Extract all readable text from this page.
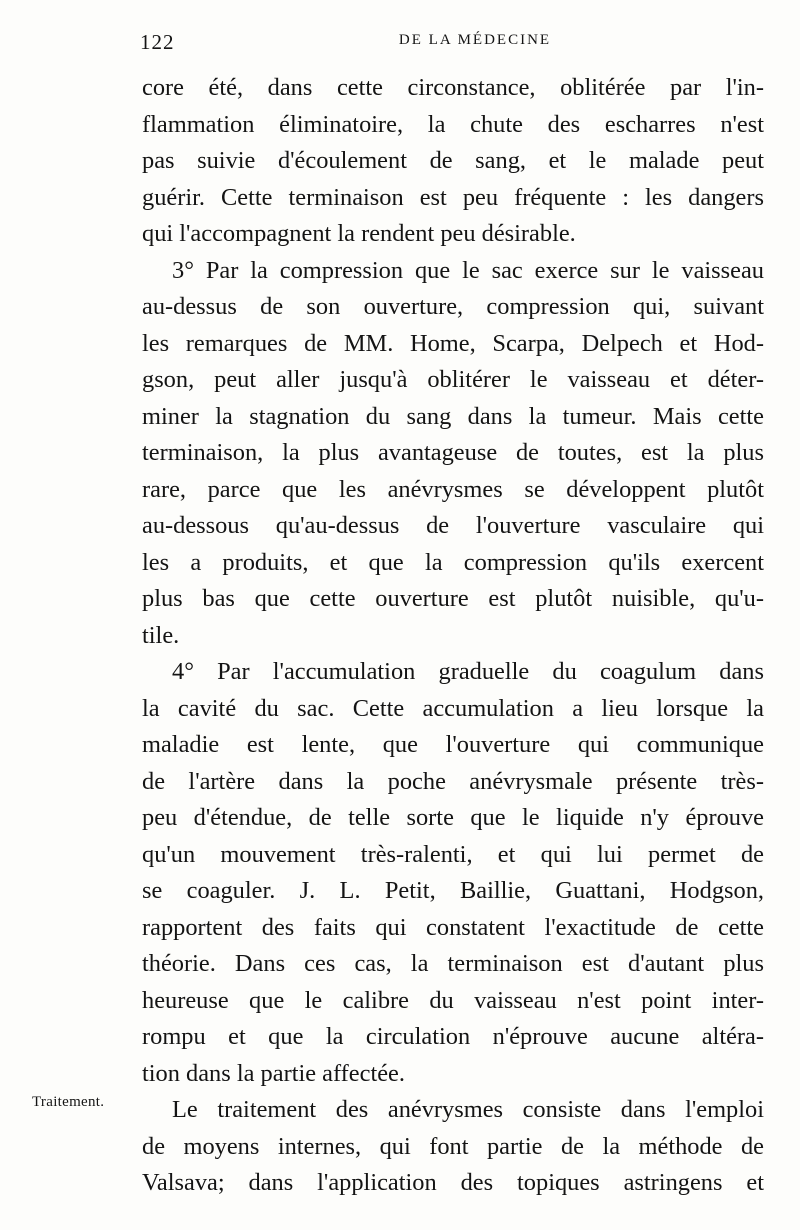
122	DE LA MÉDECINE
core été, dans cette circonstance, oblitérée par l'in-
flammation éliminatoire, la chute des escharres n'est
pas suivie d'écoulement de sang, et le malade peut
guérir. Cette terminaison est peu fréquente : les dangers
qui l'accompagnent la rendent peu désirable.
3° Par la compression que le sac exerce sur le vaisseau
au-dessus de son ouverture, compression qui, suivant
les remarques de MM. Home, Scarpa, Delpech et Hod-
gson, peut aller jusqu'à oblitérer le vaisseau et déter-
miner la stagnation du sang dans la tumeur. Mais cette
terminaison, la plus avantageuse de toutes, est la plus
rare, parce que les anévrysmes se développent plutôt
au-dessous qu'au-dessus de l'ouverture vasculaire qui
les a produits, et que la compression qu'ils exercent
plus bas que cette ouverture est plutôt nuisible, qu'u-
tile.
4° Par l'accumulation graduelle du coagulum dans
la cavité du sac. Cette accumulation a lieu lorsque la
maladie est lente, que l'ouverture qui communique
de l'artère dans la poche anévrysmale présente très-
peu d'étendue, de telle sorte que le liquide n'y éprouve
qu'un mouvement très-ralenti, et qui lui permet de
se coaguler. J. L. Petit, Baillie, Guattani, Hodgson,
rapportent des faits qui constatent l'exactitude de cette
théorie. Dans ces cas, la terminaison est d'autant plus
heureuse que le calibre du vaisseau n'est point inter-
rompu et que la circulation n'éprouve aucune altéra-
tion dans la partie affectée.
Le traitement des anévrysmes consiste dans l'emploi
de moyens internes, qui font partie de la méthode de
Valsava; dans l'application des topiques astringens et
Traitement.
